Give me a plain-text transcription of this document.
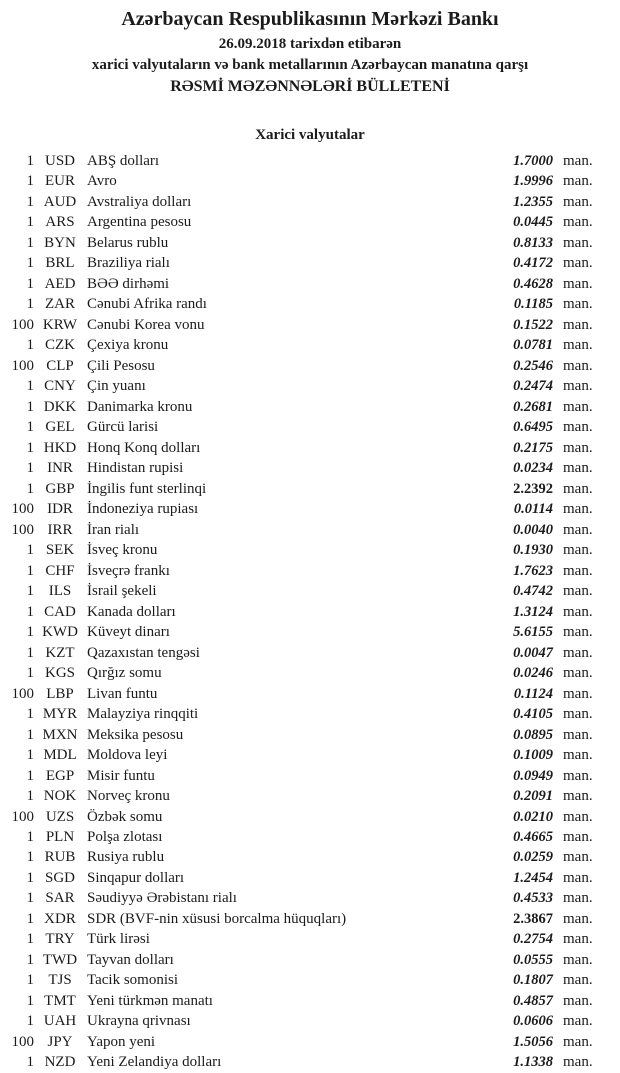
Azərbaycan Respublikasının Mərkəzi Bankı
26.09.2018 tarixdən etibarən
xarici valyutaların və bank metallarının Azərbaycan manatına qarşı
RƏSMİ MƏZƏNNƏLƏRİ BÜLLETENİ
Xarici valyutalar
1 USD ABŞ dolları	1.7000 man.
1 EUR Avro	1.9996 man.
1 AUD Avstraliya dolları	1.2355 man.
1 ARS Argentina pesosu	0.0445 man.
1 BYN Belarus rublu	0.8133 man.
1 BRL Braziliya rialı	0.4172 man.
1 AED BƏƏ dirhəmi	0.4628 man.
1 ZAR Cənubi Afrika randı	0.1185 man.
100 KRW Cənubi Korea vonu	0.1522 man.
1 CZK Çexiya kronu	0.0781 man.
100 CLP Çili Pesosu	0.2546 man.
1 CNY Çin yuanı	0.2474 man.
1 DKK Danimarka kronu	0.2681 man.
1 GEL Gürcü larisi	0.6495 man.
1 HKD Honq Konq dolları	0.2175 man.
1 INR Hindistan rupisi	0.0234 man.
1 GBP İngilis funt sterlinqi	2.2392 man.
100 IDR İndoneziya rupiası	0.0114 man.
100 IRR İran rialı	0.0040 man.
1 SEK İsveç kronu	0.1930 man.
1 CHF İsveçrə frankı	1.7623 man.
1 ILS	İsrail şekeli	0.4742 man.
1 CAD Kanada dolları	1.3124 man.
1 KWD Küveyt dinarı	5.6155 man.
1 KZT Qazaxıstan tengəsi	0.0047 man.
1 KGS Qırğız somu	0.0246 man.
100 LBP Livan funtu	0.1124 man.
1 MYR Malayziya rinqqiti	0.4105 man.
1 MXN Meksika pesosu	0.0895 man.
1 MDL Moldova leyi	0.1009 man.
1 EGP Misir funtu	0.0949 man.
1 NOK Norveç kronu	0.2091 man.
100 UZS Özbək somu	0.0210 man.
1 PLN Polşa zlotası	0.4665 man.
1 RUB Rusiya rublu	0.0259 man.
1 SGD Sinqapur dolları	1.2454 man.
1 SAR Səudiyyə Ərəbistanı rialı	0.4533 man.
1 XDR SDR (BVF-nin xüsusi borcalma hüquqları)	2.3867 man.
1 TRY Türk lirəsi	0.2754 man.
1 TWD Tayvan dolları	0.0555 man.
1 TJS	Tacik somonisi	0.1807 man.
1 TMT Yeni türkmən manatı	0.4857 man.
1 UAH Ukrayna qrivnası	0.0606 man.
100 JPY Yapon yeni	1.5056 man.
1 NZD Yeni Zelandiya dolları	1.1338 man.
